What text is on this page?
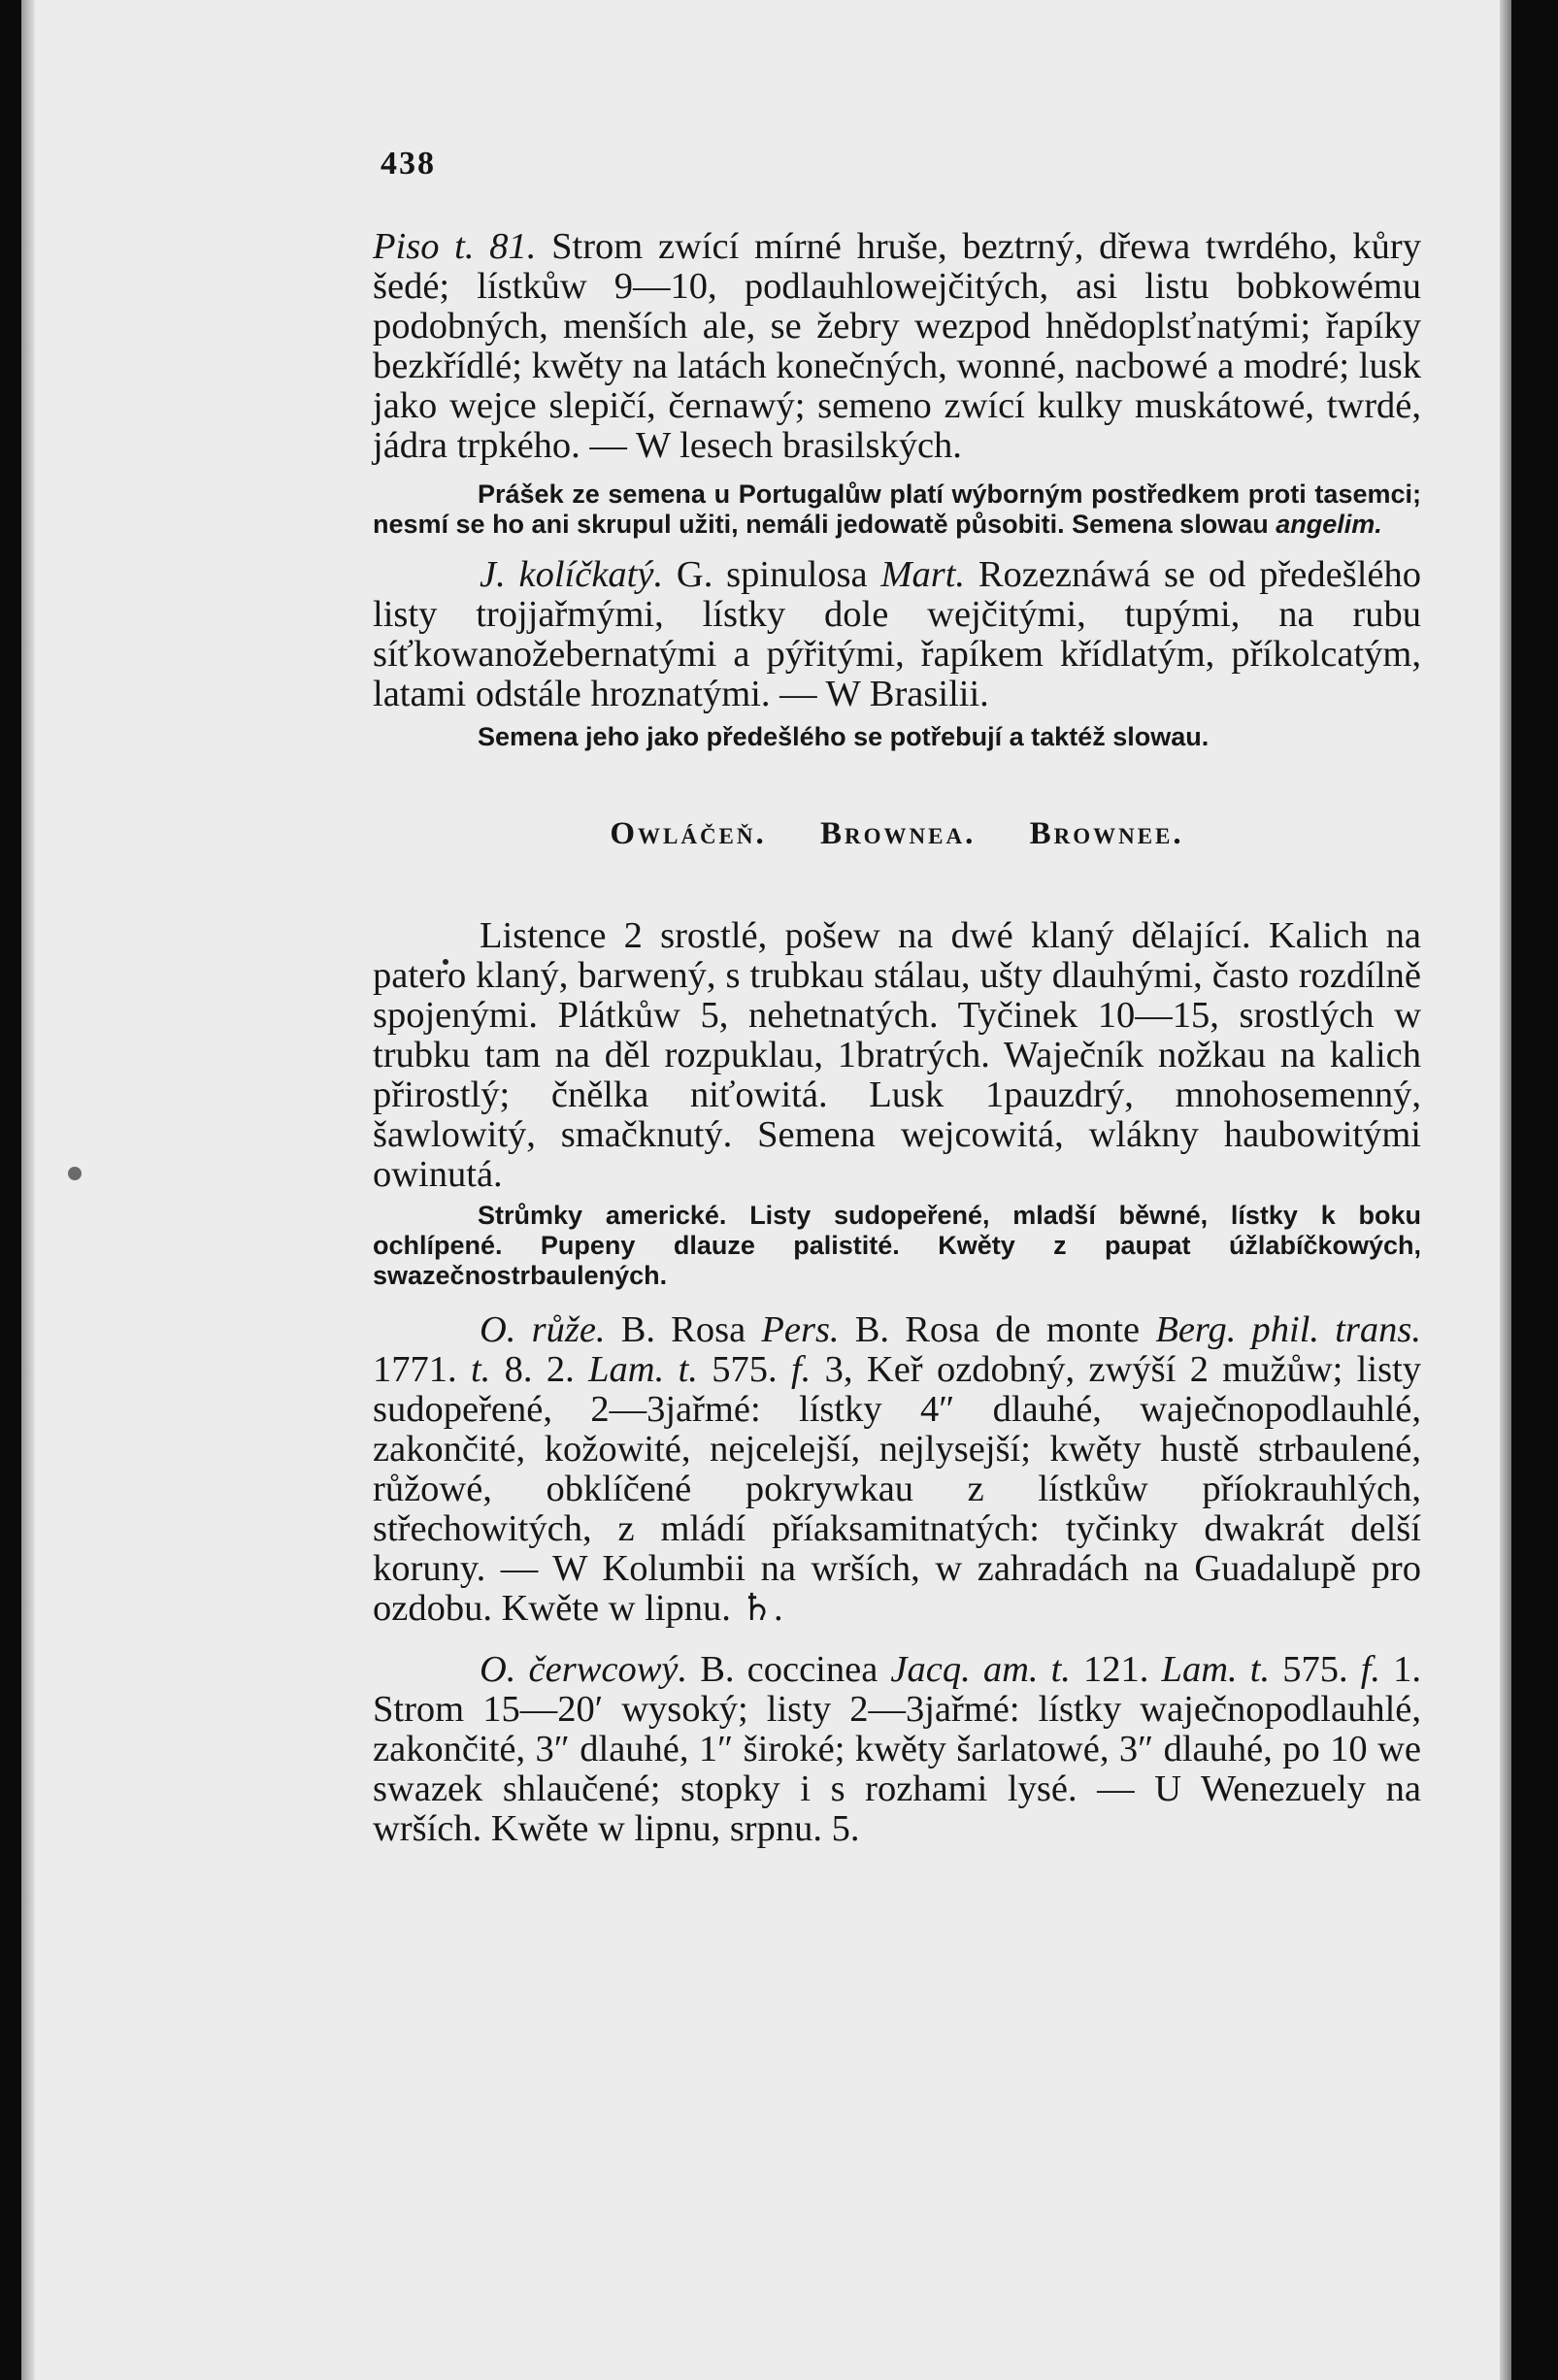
438

Piso t. 81. Strom zwící mírné hruše, beztrný, dřewa twrdého, kůry šedé; lístkůw 9—10, podlauhlowejčitých, asi listu bobkowému podobných, menších ale, se žebry wezpod hnědoplsťnatými; řapíky bezkřídlé; kwěty na latách konečných, wonné, nacbowé a modré; lusk jako wejce slepičí, černawý; semeno zwící kulky muskátowé, twrdé, jádra trpkého. — W lesech brasilských.

Prášek ze semena u Portugalůw platí wýborným postředkem proti tasemci; nesmí se ho ani skrupul užiti, nemáli jedowatě působiti. Semena slowau angelim.

J. kolíčkatý. G. spinulosa Mart. Rozeznáwá se od předešlého listy trojjařmými, lístky dole wejčitými, tupými, na rubu síťkowanožebernatými a pýřitými, řapíkem křídlatým, příkolcatým, latami odstále hroznatými. — W Brasilii.

Semena jeho jako předešlého se potřebují a taktéž slowau.

Owláčeň. Brownea. Brownee.

Listence 2 srostlé, pošew na dwé klaný dělající. Kalich na patero klaný, barwený, s trubkau stálau, ušty dlauhými, často rozdílně spojenými. Plátkůw 5, nehetnatých. Tyčinek 10—15, srostlých w trubku tam na děl rozpuklau, 1bratrých. Waječník nožkau na kalich přirostlý; čnělka niťowitá. Lusk 1pauzdrý, mnohosemenný, šawlowitý, smačknutý. Semena wejcowitá, wlákny haubowitými owinutá.

Strůmky americké. Listy sudopeřené, mladší běwné, lístky k boku ochlípené. Pupeny dlauze palistité. Kwěty z paupat úžlabíčkowých, swazečnostrbaulených.

O. růže. B. Rosa Pers. B. Rosa de monte Berg. phil. trans. 1771. t. 8. 2. Lam. t. 575. f. 3, Keř ozdobný, zwýší 2 mužůw; listy sudopeřené, 2—3jařmé: lístky 4″ dlauhé, waječnopodlauhlé, zakončité, kožowité, nejcelejší, nejlysejší; kwěty hustě strbaulené, růžowé, obklíčené pokrywkau z lístkůw příokrauhlých, střechowitých, z mládí příaksamitnatých: tyčinky dwakrát delší koruny. — W Kolumbii na wrších, w zahradách na Guadalupě pro ozdobu. Kwěte w lipnu. ♄.

O. čerwcowý. B. coccinea Jacq. am. t. 121. Lam. t. 575. f. 1. Strom 15—20′ wysoký; listy 2—3jařmé: lístky waječnopodlauhlé, zakončité, 3″ dlauhé, 1″ široké; kwěty šarlatowé, 3″ dlauhé, po 10 we swazek shlaučené; stopky i s rozhami lysé. — U Wenezuely na wrších. Kwěte w lipnu, srpnu. 5.
